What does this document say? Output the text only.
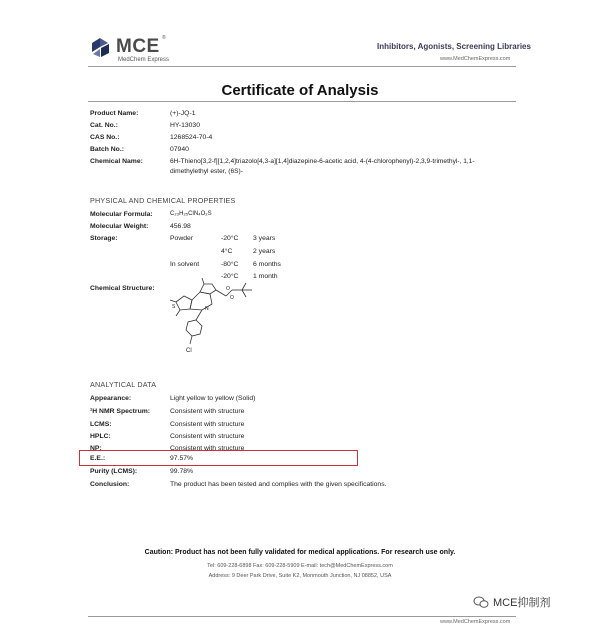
MCE
MedChem Express
®
Inhibitors, Agonists, Screening Libraries
www.MedChemExpress.com
Certificate of Analysis
Product Name:	(+)-JQ-1
Cat. No.:	HY-13030
CAS No.:	1268524-70-4
Batch No.:	07940
Chemical Name:	6H-Thieno[3,2-f][1,2,4]triazolo[4,3-a][1,4]diazepine-6-acetic acid, 4-(4-chlorophenyl)-2,3,9-trimethyl-, 1,1-
dimethylethyl ester, (6S)-
PHYSICAL AND CHEMICAL PROPERTIES
Molecular Formula:	C₂₃H₂₅ClN₄O₂S
Molecular Weight:	456.98
Storage:	Powder	-20°C 3 years
4°C	2 years
In solvent	-80°C 6 months
-20°C 1 month
Chemical Structure:
S	N
O
O
Cl
ANALYTICAL DATA
Appearance:	Light yellow to yellow (Solid)
¹H NMR Spectrum:	Consistent with structure
LCMS:	Consistent with structure
HPLC:	Consistent with structure
NP:	Consistent with structure
E.E.:	97.57%
Purity (LCMS):	99.78%
Conclusion:	The product has been tested and complies with the given specifications.
Caution: Product has not been fully validated for medical applications. For research use only.
Tel: 609-228-6898 Fax: 609-228-5909 E-mail: tech@MedChemExpress.com
Address: 9 Deer Park Drive, Suite K2, Monmouth Junction, NJ 08852, USA
www.MedChemExpress.com
MCE抑制剂
